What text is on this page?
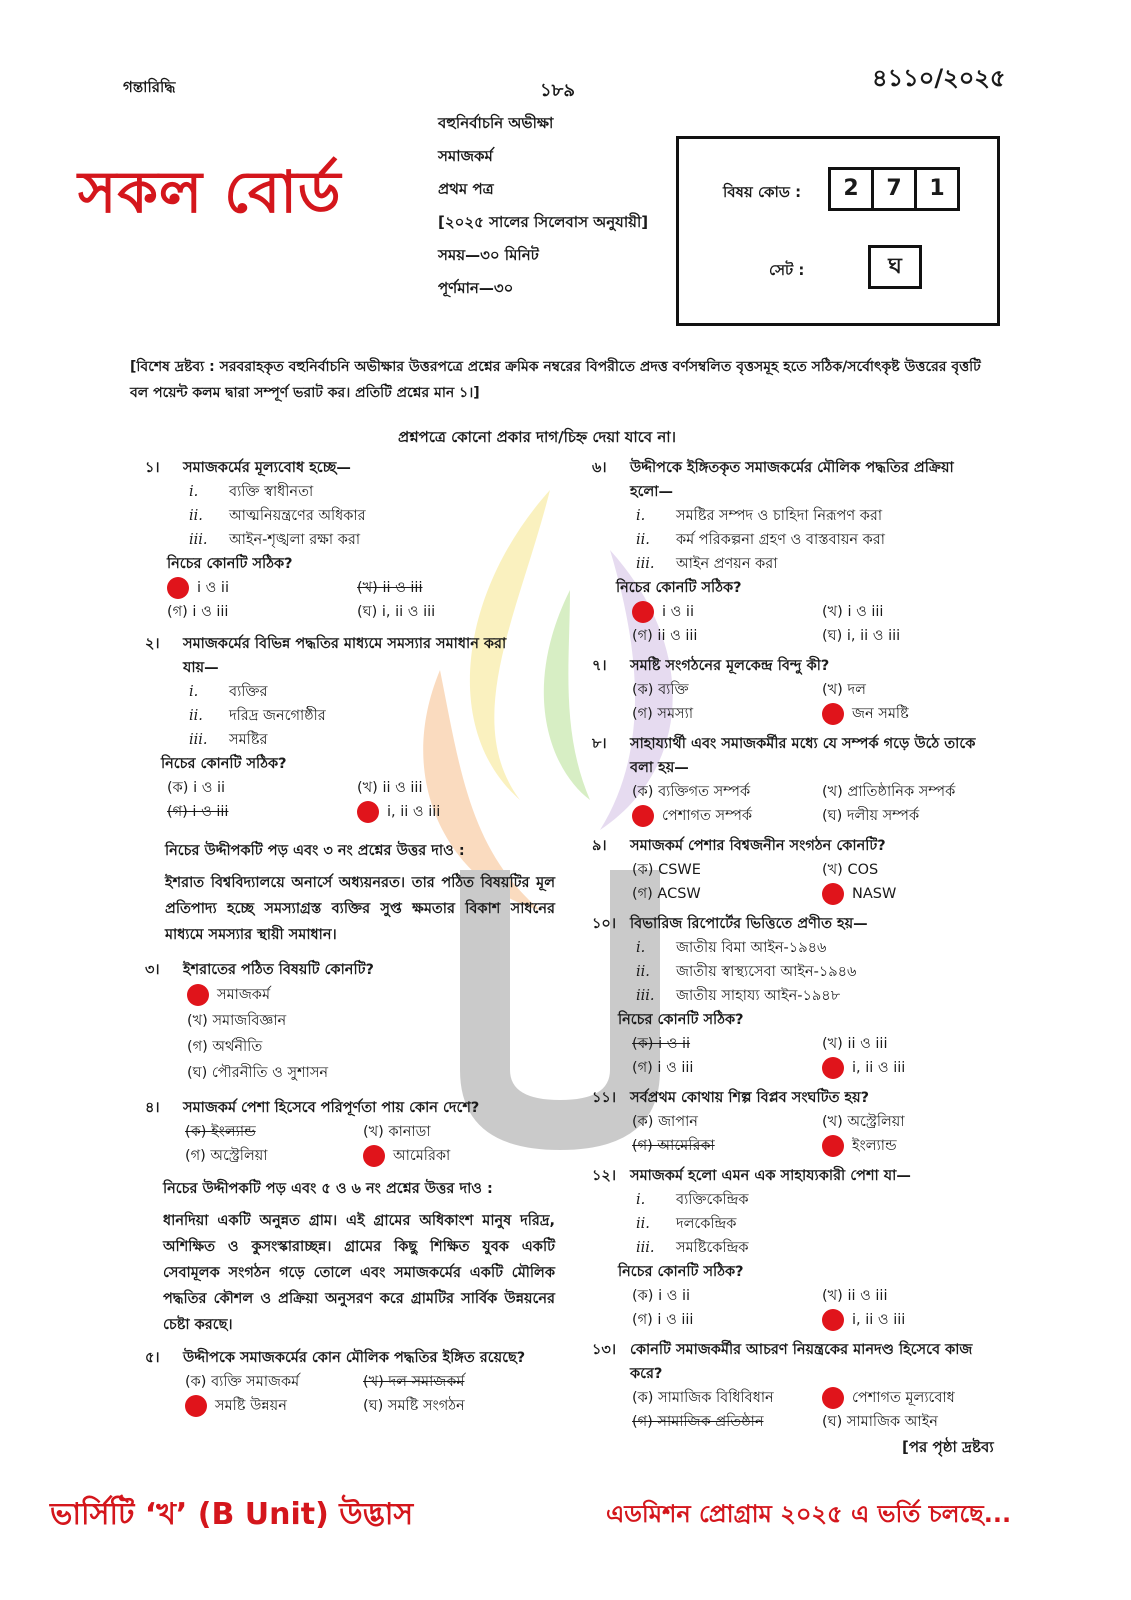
গন্তারিদ্ধি	১৮৯	৪১১০/২০২৫
সকল বোর্ড
বহুনির্বাচনি অভীক্ষা
সমাজকর্ম
প্রথম পত্র
[২০২৫ সালের সিলেবাস অনুযায়ী]
সময়—৩০ মিনিট
পূর্ণমান—৩০
বিষয় কোড :	2 7 1
সেট :	ঘ
[বিশেষ দ্রষ্টব্য : সরবরাহকৃত বহুনির্বাচনি অভীক্ষার উত্তরপত্রে প্রশ্নের ক্রমিক নম্বরের বিপরীতে প্রদত্ত বর্ণসম্বলিত বৃত্তসমূহ হতে সঠিক/সর্বোৎকৃষ্ট উত্তরের বৃত্তটি বল পয়েন্ট কলম দ্বারা সম্পূর্ণ ভরাট কর। প্রতিটি প্রশ্নের মান ১।]
প্রশ্নপত্রে কোনো প্রকার দাগ/চিহ্ন দেয়া যাবে না।
১। সমাজকর্মের মূল্যবোধ হচ্ছে—
i. ব্যক্তি স্বাধীনতা
ii. আত্মনিয়ন্ত্রণের অধিকার
iii. আইন-শৃঙ্খলা রক্ষা করা
নিচের কোনটি সঠিক?
i ও ii	(খ) ii ও iii
(গ) i ও iii	(ঘ) i, ii ও iii
২।	সমাজকর্মের বিভিন্ন পদ্ধতির মাধ্যমে সমস্যার সমাধান করা যায়—
i. ব্যক্তির
ii. দরিদ্র জনগোষ্ঠীর
iii. সমষ্টির
নিচের কোনটি সঠিক?
(ক) i ও ii	(খ) ii ও iii
(গ) i ও iii	i, ii ও iii
নিচের উদ্দীপকটি পড় এবং ৩ নং প্রশ্নের উত্তর দাও :
ইশরাত বিশ্ববিদ্যালয়ে অনার্সে অধ্যয়নরত। তার পঠিত বিষয়টির মূল প্রতিপাদ্য হচ্ছে সমস্যাগ্রস্ত ব্যক্তির সুপ্ত ক্ষমতার বিকাশ সাধনের মাধ্যমে সমস্যার স্থায়ী সমাধান।
৩। ইশরাতের পঠিত বিষয়টি কোনটি?
সমাজকর্ম
(খ) সমাজবিজ্ঞান
(গ) অর্থনীতি
(ঘ) পৌরনীতি ও সুশাসন
৪। সমাজকর্ম পেশা হিসেবে পরিপূর্ণতা পায় কোন দেশে?
(ক) ইংল্যান্ড	(খ) কানাডা
(গ) অস্ট্রেলিয়া	আমেরিকা
নিচের উদ্দীপকটি পড় এবং ৫ ও ৬ নং প্রশ্নের উত্তর দাও :
ধানদিয়া একটি অনুন্নত গ্রাম। এই গ্রামের অধিকাংশ মানুষ দরিদ্র, অশিক্ষিত ও কুসংস্কারাচ্ছন্ন। গ্রামের কিছু শিক্ষিত যুবক একটি সেবামূলক সংগঠন গড়ে তোলে এবং সমাজকর্মের একটি মৌলিক পদ্ধতির কৌশল ও প্রক্রিয়া অনুসরণ করে গ্রামটির সার্বিক উন্নয়নের চেষ্টা করছে।
৫। উদ্দীপকে সমাজকর্মের কোন মৌলিক পদ্ধতির ইঙ্গিত রয়েছে?
(ক) ব্যক্তি সমাজকর্ম	(খ) দল সমাজকর্ম
সমষ্টি উন্নয়ন	(ঘ) সমষ্টি সংগঠন
৬।	উদ্দীপকে ইঙ্গিতকৃত সমাজকর্মের মৌলিক পদ্ধতির প্রক্রিয়া হলো—
i. সমষ্টির সম্পদ ও চাহিদা নিরূপণ করা
ii. কর্ম পরিকল্পনা গ্রহণ ও বাস্তবায়ন করা
iii. আইন প্রণয়ন করা
নিচের কোনটি সঠিক?
i ও ii	(খ) i ও iii
(গ) ii ও iii	(ঘ) i, ii ও iii
৭। সমষ্টি সংগঠনের মূলকেন্দ্র বিন্দু কী?
(ক) ব্যক্তি	(খ) দল
(গ) সমস্যা	জন সমষ্টি
৮।	সাহায্যার্থী এবং সমাজকর্মীর মধ্যে যে সম্পর্ক গড়ে উঠে তাকে বলা হয়—
(ক) ব্যক্তিগত সম্পর্ক	(খ) প্রাতিষ্ঠানিক সম্পর্ক
পেশাগত সম্পর্ক	(ঘ) দলীয় সম্পর্ক
৯। সমাজকর্ম পেশার বিশ্বজনীন সংগঠন কোনটি?
(ক) CSWE	(খ) COS
(গ) ACSW	NASW
১০। বিভারিজ রিপোর্টের ভিত্তিতে প্রণীত হয়—
i. জাতীয় বিমা আইন-১৯৪৬
ii. জাতীয় স্বাস্থ্যসেবা আইন-১৯৪৬
iii. জাতীয় সাহায্য আইন-১৯৪৮
নিচের কোনটি সঠিক?
(ক) i ও ii	(খ) ii ও iii
(গ) i ও iii	i, ii ও iii
১১। সর্বপ্রথম কোথায় শিল্প বিপ্লব সংঘটিত হয়?
(ক) জাপান	(খ) অস্ট্রেলিয়া
(গ) আমেরিকা	ইংল্যান্ড
১২। সমাজকর্ম হলো এমন এক সাহায্যকারী পেশা যা—
i. ব্যক্তিকেন্দ্রিক
ii. দলকেন্দ্রিক
iii. সমষ্টিকেন্দ্রিক
নিচের কোনটি সঠিক?
(ক) i ও ii	(খ) ii ও iii
(গ) i ও iii	i, ii ও iii
১৩। কোনটি সমাজকর্মীর আচরণ নিয়ন্ত্রকের মানদণ্ড হিসেবে কাজ করে?
(ক) সামাজিক বিধিবিধান	পেশাগত মূল্যবোধ
(গ) সামাজিক প্রতিষ্ঠান	(ঘ) সামাজিক আইন
[পর পৃষ্ঠা দ্রষ্টব্য
ভার্সিটি ‘খ’ (B Unit) উদ্ভাস	এডমিশন প্রোগ্রাম ২০২৫ এ ভর্তি চলছে...
